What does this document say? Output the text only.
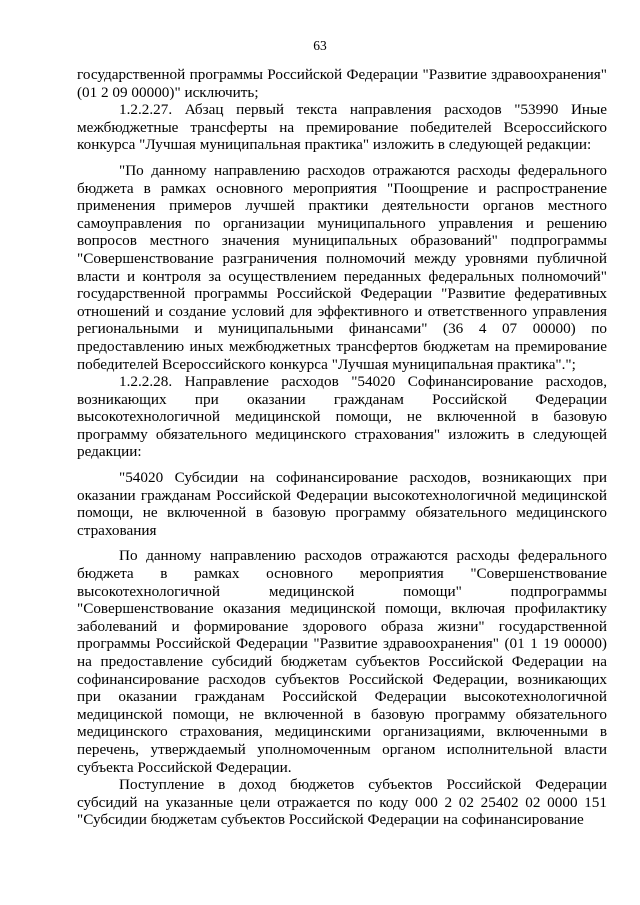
63

государственной программы Российской Федерации "Развитие здравоохранения" (01 2 09 00000)" исключить;

1.2.2.27. Абзац первый текста направления расходов "53990 Иные межбюджетные трансферты на премирование победителей Всероссийского конкурса "Лучшая муниципальная практика" изложить в следующей редакции:

"По данному направлению расходов отражаются расходы федерального бюджета в рамках основного мероприятия "Поощрение и распространение применения примеров лучшей практики деятельности органов местного самоуправления по организации муниципального управления и решению вопросов местного значения муниципальных образований" подпрограммы "Совершенствование разграничения полномочий между уровнями публичной власти и контроля за осуществлением переданных федеральных полномочий" государственной программы Российской Федерации "Развитие федеративных отношений и создание условий для эффективного и ответственного управления региональными и муниципальными финансами" (36 4 07 00000) по предоставлению иных межбюджетных трансфертов бюджетам на премирование победителей Всероссийского конкурса "Лучшая муниципальная практика".";

1.2.2.28. Направление расходов "54020 Софинансирование расходов, возникающих при оказании гражданам Российской Федерации высокотехнологичной медицинской помощи, не включенной в базовую программу обязательного медицинского страхования" изложить в следующей редакции:

"54020 Субсидии на софинансирование расходов, возникающих при оказании гражданам Российской Федерации высокотехнологичной медицинской помощи, не включенной в базовую программу обязательного медицинского страхования

По данному направлению расходов отражаются расходы федерального бюджета в рамках основного мероприятия "Совершенствование высокотехнологичной медицинской помощи" подпрограммы "Совершенствование оказания медицинской помощи, включая профилактику заболеваний и формирование здорового образа жизни" государственной программы Российской Федерации "Развитие здравоохранения" (01 1 19 00000) на предоставление субсидий бюджетам субъектов Российской Федерации на софинансирование расходов субъектов Российской Федерации, возникающих при оказании гражданам Российской Федерации высокотехнологичной медицинской помощи, не включенной в базовую программу обязательного медицинского страхования, медицинскими организациями, включенными в перечень, утверждаемый уполномоченным органом исполнительной власти субъекта Российской Федерации.

Поступление в доход бюджетов субъектов Российской Федерации субсидий на указанные цели отражается по коду 000 2 02 25402 02 0000 151 "Субсидии бюджетам субъектов Российской Федерации на софинансирование
